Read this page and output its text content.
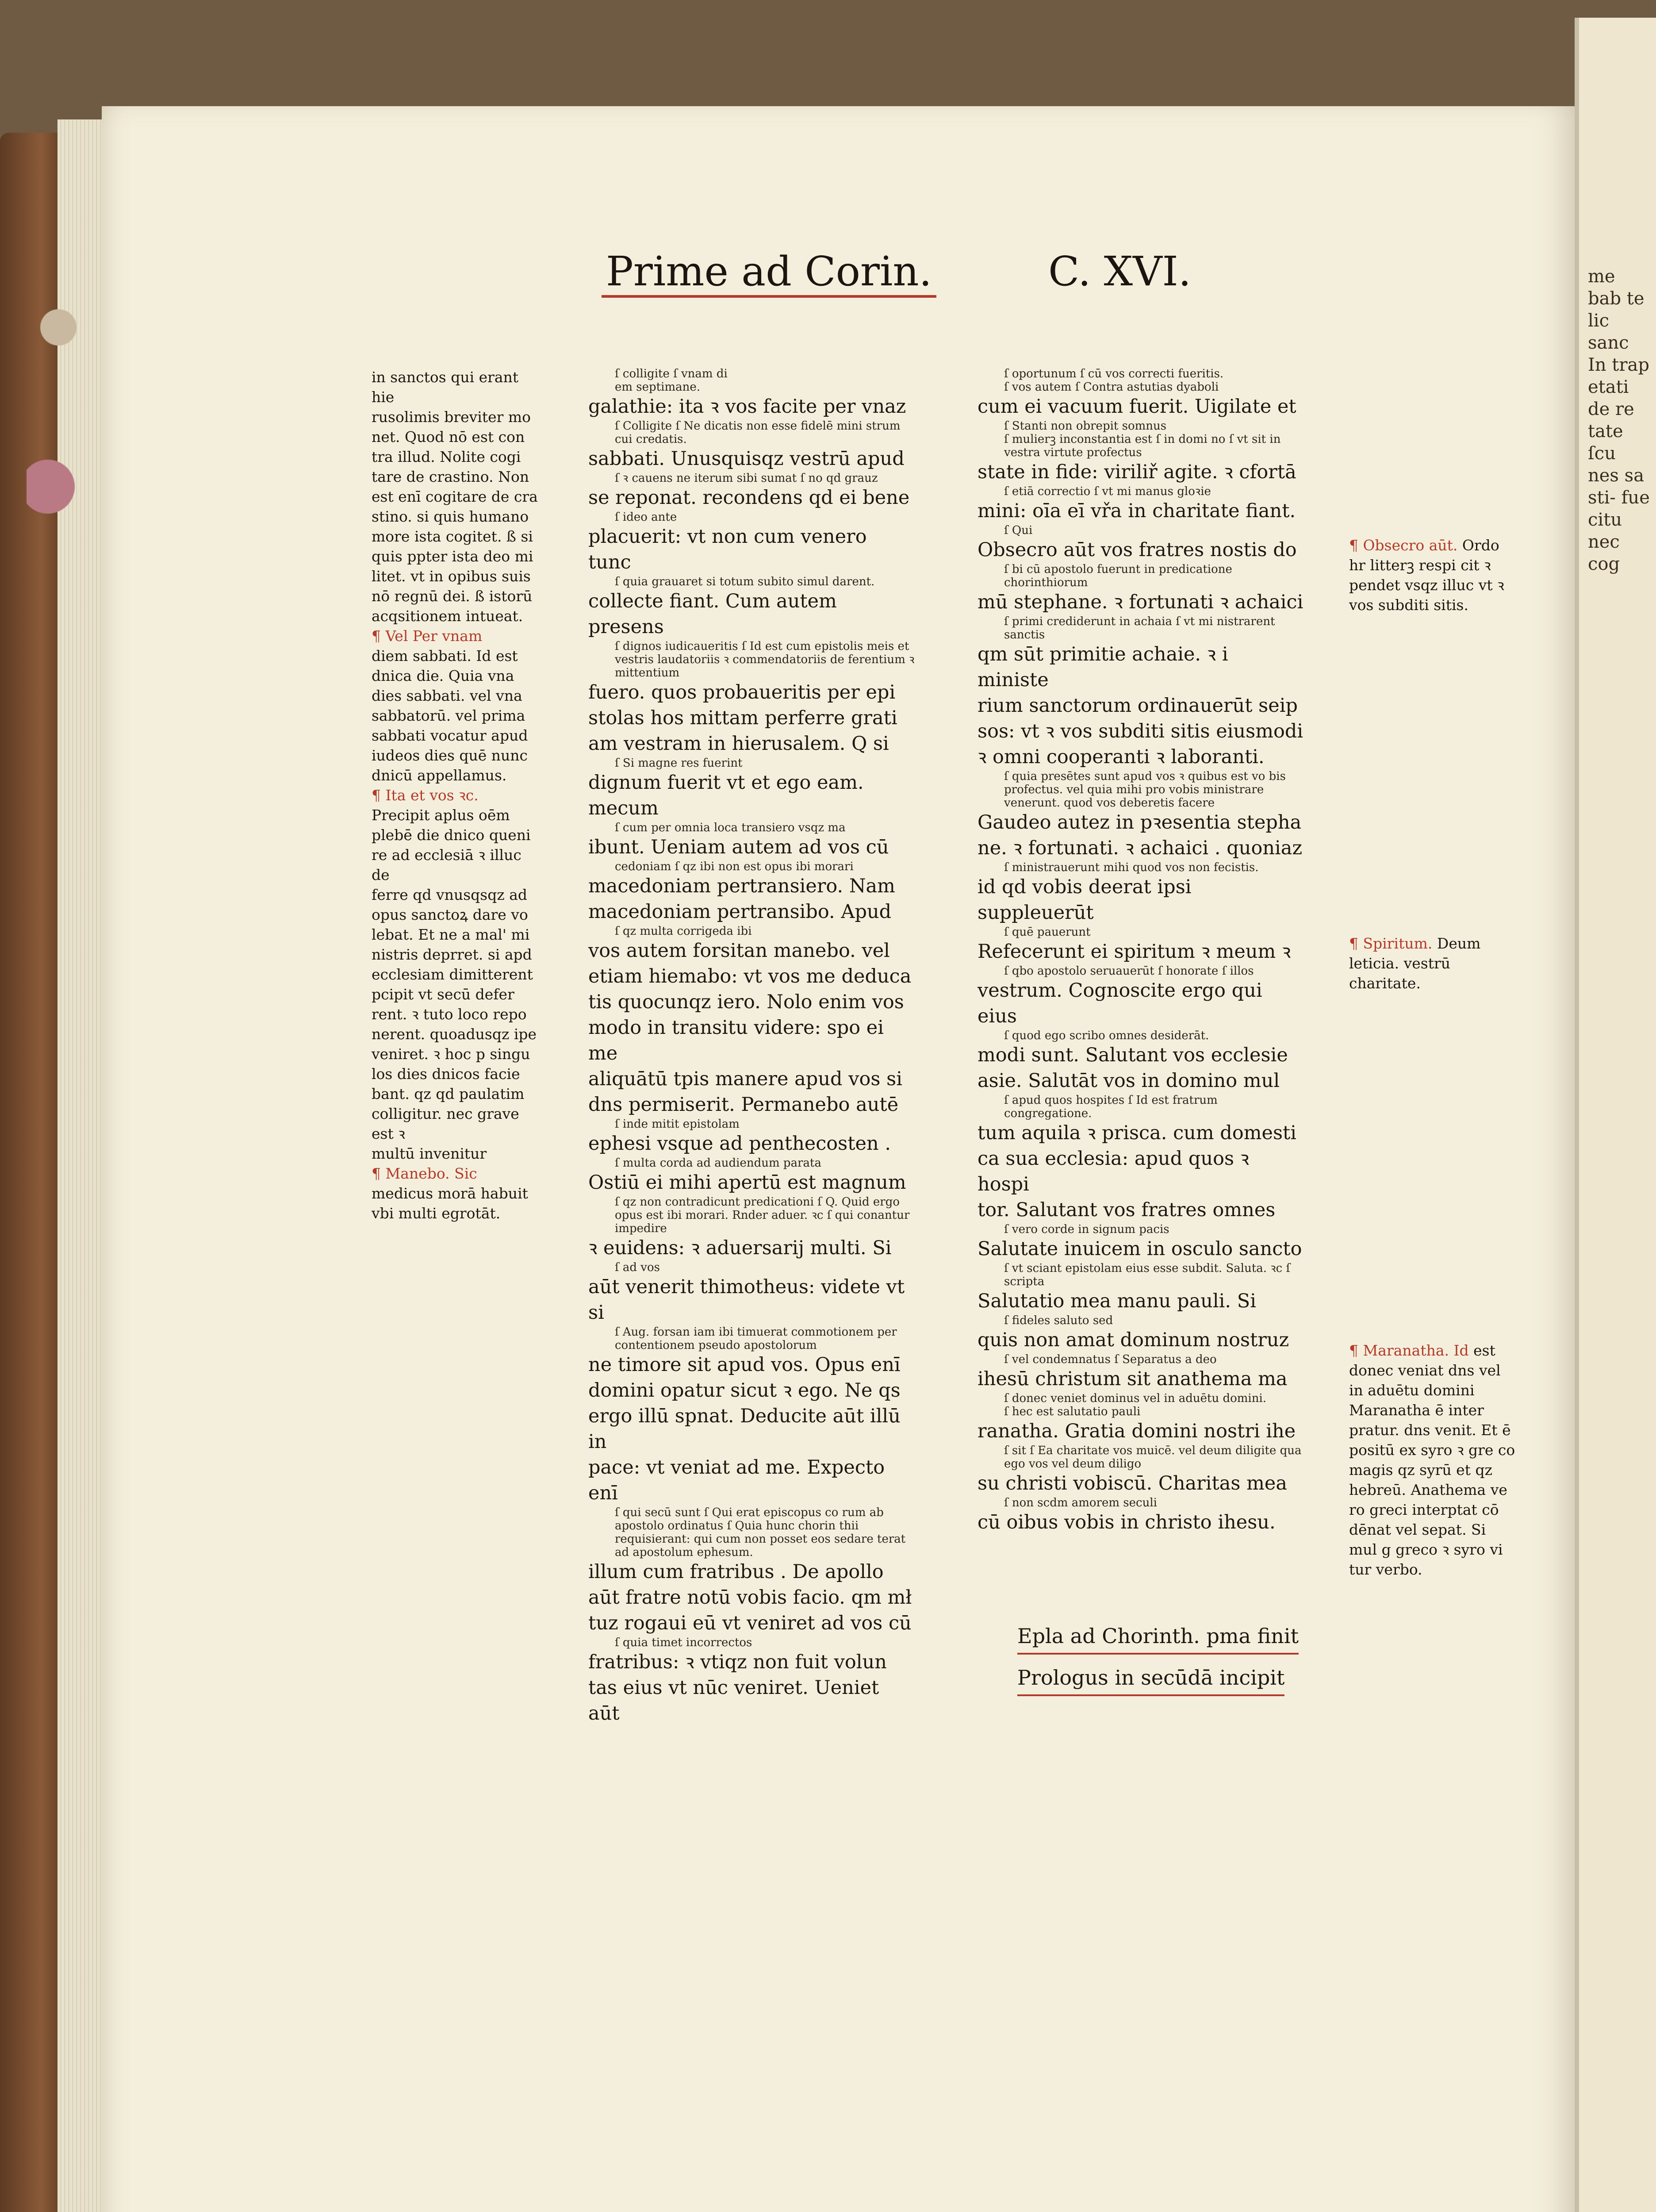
me bab te lic sanc In trap etati de re tate ſcu nes sa sti- fue citu nec cog
Prime ad Corin.	C. XVI.

in sanctos qui erant hie

rusolimis breviter mo

net. Quod nō est con

tra illud. Nolite cogi

tare de crastino. Non

est enī cogitare de cra

stino. si quis humano

more ista cogitet. ß si

quis ppter ista deo mi

litet. vt in opibus suis

nō regnū dei. ß istorū

acqsitionem intueat.

¶ Vel Per vnam

diem sabbati. Id est

dnica die. Quia vna

dies sabbati. vel vna

sabbatorū. vel prima

sabbati vocatur apud

iudeos dies quē nunc

dnicū appellamus.

¶ Ita et vos ꝛc.

Precipit aplus oēm

plebē die dnico queni

re ad ecclesiā ꝛ illuc de

ferre qd vnusqsqz ad

opus sanctoꝝ dare vo

lebat. Et ne a mal' mi

nistris deprret. si apd

ecclesiam dimitterent

pcipit vt secū defer

rent. ꝛ tuto loco repo

nerent. quoadusqz ipe

veniret. ꝛ hoc p singu

los dies dnicos facie

bant. qz qd paulatim

colligitur. nec grave est ꝛ

multū invenitur

¶ Manebo. Sic

medicus morā habuit

vbi multi egrotāt.

ſ colligite ſ vnam di

em septimane.

galathie: ita ꝛ vos facite per vnaz

ſ Colligite ſ Ne dicatis non esse fidelē mini strum cui credatis.

sabbati. Unusquisqz vestrū apud

ſ ꝛ cauens ne iterum sibi sumat ſ no qd grauz

se reponat. recondens qd ei bene

ſ ideo ante

placuerit: vt non cum venero tunc

ſ quia grauaret si totum subito simul darent.

collecte fiant. Cum autem presens

ſ dignos iudicaueritis ſ Id est cum epistolis meis et vestris laudatoriis ꝛ commendatoriis de ferentium ꝛ mittentium

fuero. quos probaueritis per epi

stolas hos mittam perferre grati

am vestram in hierusalem. Q si

ſ Si magne res fuerint

dignum fuerit vt et ego eam. mecum

ſ cum per omnia loca transiero vsqz ma

ibunt. Ueniam autem ad vos cū

cedoniam ſ qz ibi non est opus ibi morari

macedoniam pertransiero. Nam

macedoniam pertransibo. Apud

ſ qz multa corrigeda ibi

vos autem forsitan manebo. vel

etiam hiemabo: vt vos me deduca

tis quocunqz iero. Nolo enim vos

modo in transitu videre: spo ei me

aliquātū tpis manere apud vos si

dns permiserit. Permanebo autē

ſ inde mitit epistolam

ephesi vsque ad penthecosten .

ſ multa corda ad audiendum parata

Ostiū ei mihi apertū est magnum

ſ qz non contradicunt predicationi ſ Q. Quid ergo opus est ibi morari. Rnder aduer. ꝛc ſ qui conantur impedire

ꝛ euidens: ꝛ aduersarij multi. Si

ſ ad vos

aūt venerit thimotheus: videte vt si

ſ Aug. forsan iam ibi timuerat commotionem per contentionem pseudo apostolorum

ne timore sit apud vos. Opus enī

domini opatur sicut ꝛ ego. Ne qs

ergo illū spnat. Deducite aūt illū in

pace: vt veniat ad me. Expecto enī

ſ qui secū sunt ſ Qui erat episcopus co rum ab apostolo ordinatus ſ Quia hunc chorin thii requisierant: qui cum non posset eos sedare terat ad apostolum ephesum.

illum cum fratribus . De apollo

aūt fratre notū vobis facio. qm mł

tuz rogaui eū vt veniret ad vos cū

ſ quia timet incorrectos

fratribus: ꝛ vtiqz non fuit volun

tas eius vt nūc veniret. Ueniet aūt

ſ oportunum ſ cū vos correcti fueritis.

ſ vos autem ſ Contra astutias dyaboli

cum ei vacuum fuerit. Uigilate et

ſ Stanti non obrepit somnus

ſ mulierꝫ inconstantia est ſ in domi no ſ vt sit in vestra virtute profectus

state in fide: viriliř agite. ꝛ cfortā

ſ etiā correctio ſ vt mi manus gloꝛie

mini: oīa eī vřa in charitate fiant.

ſ Qui

Obsecro aūt vos fratres nostis do

ſ bi cū apostolo fuerunt in predicatione chorinthiorum

mū stephane. ꝛ fortunati ꝛ achaici

ſ primi crediderunt in achaia ſ vt mi nistrarent sanctis

qm sūt primitie achaie. ꝛ i ministe

rium sanctorum ordinauerūt seip

sos: vt ꝛ vos subditi sitis eiusmodi

ꝛ omni cooperanti ꝛ laboranti.

ſ quia presētes sunt apud vos ꝛ quibus est vo bis profectus. vel quia mihi pro vobis ministrare venerunt. quod vos deberetis facere

Gaudeo autez in pꝛesentia stepha

ne. ꝛ fortunati. ꝛ achaici . quoniaz

ſ ministrauerunt mihi quod vos non fecistis.

id qd vobis deerat ipsi suppleuerūt

ſ quē pauerunt

Refecerunt ei spiritum ꝛ meum ꝛ

ſ qbo apostolo seruauerūt ſ honorate ſ illos

vestrum. Cognoscite ergo qui eius

ſ quod ego scribo omnes desiderāt.

modi sunt. Salutant vos ecclesie

asie. Salutāt vos in domino mul

ſ apud quos hospites ſ Id est fratrum congregatione.

tum aquila ꝛ prisca. cum domesti

ca sua ecclesia: apud quos ꝛ hospi

tor. Salutant vos fratres omnes

ſ vero corde in signum pacis

Salutate inuicem in osculo sancto

ſ vt sciant epistolam eius esse subdit. Saluta. ꝛc ſ scripta

Salutatio mea manu pauli. Si

ſ fideles saluto sed

quis non amat dominum nostruz

ſ vel condemnatus ſ Separatus a deo

ihesū christum sit anathema ma

ſ donec veniet dominus vel in aduētu domini.

ſ hec est salutatio pauli

ranatha. Gratia domini nostri ihe

ſ sit ſ Ea charitate vos muicē. vel deum diligite qua ego vos vel deum diligo

su christi vobiscū. Charitas mea

ſ non scdm amorem seculi

cū oibus vobis in christo ihesu.

¶ Obsecro aūt. Ordo hr litterꝫ respi cit ꝛ pendet vsqz illuc vt ꝛ vos subditi sitis.
¶ Spiritum. Deum leticia. vestrū charitate.
¶ Maranatha. Id est donec veniat dns vel in aduētu domini Maranatha ē inter pratur. dns venit. Et ē positū ex syro ꝛ gre co magis qz syrū et qz hebreū. Anathema ve ro greci interptat cō dēnat vel sepat. Si mul g greco ꝛ syro vi tur verbo.
Epla ad Chorinth. pma finit
Prologus in secūdā incipit
